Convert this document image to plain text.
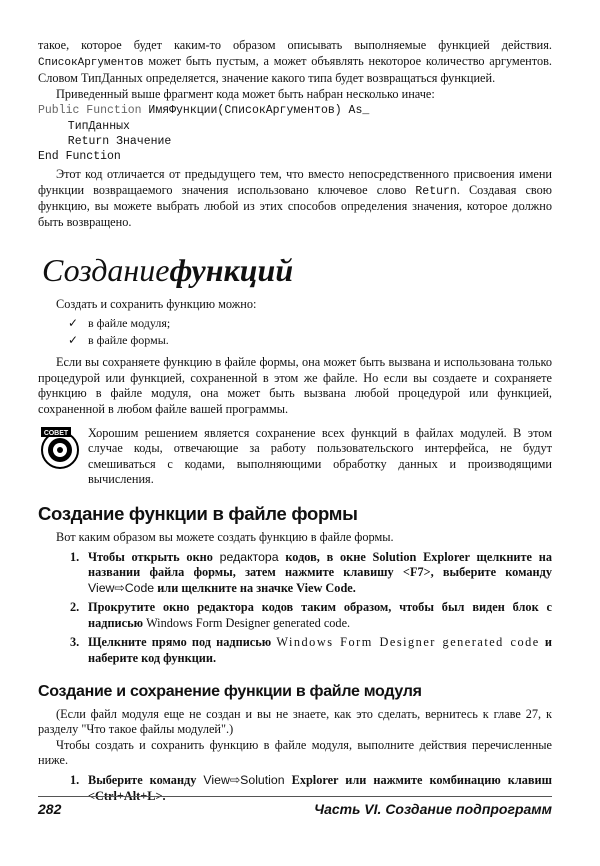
такое, которое будет каким-то образом описывать выполняемые функцией действия. СписокАргументов может быть пустым, а может объявлять некоторое количество аргументов. Словом ТипДанных определяется, значение какого типа будет возвращаться функцией.

Приведенный выше фрагмент кода может быть набран несколько иначе:

Public Function ИмяФункции(СписокАргументов) As_
ТипДанных
Return Значение
End Function

Этот код отличается от предыдущего тем, что вместо непосредственного присвоения имени функции возвращаемого значения использовано ключевое слово Return. Создавая свою функцию, вы можете выбрать любой из этих способов определения значения, которое должно быть возвращено.

Созданиефункций

Создать и сохранить функцию можно:

✓ в файле модуля;
✓ в файле формы.

Если вы сохраняете функцию в файле формы, она может быть вызвана и использована только процедурой или функцией, сохраненной в этом же файле. Но если вы создаете и сохраняете функцию в файле модуля, она может быть вызвана любой процедурой или функцией, сохраненной в любом файле вашей программы.

СОВЕТ Хорошим решением является сохранение всех функций в файлах модулей. В этом случае коды, отвечающие за работу пользовательского интерфейса, не будут смешиваться с кодами, выполняющими обработку данных и производящими вычисления.

Создание функции в файле формы

Вот каким образом вы можете создать функцию в файле формы.

1. Чтобы открыть окно редактора кодов, в окне Solution Explorer щелкните на названии файла формы, затем нажмите клавишу <F7>, выберите команду View⇨Code или щелкните на значке View Code.
2. Прокрутите окно редактора кодов таким образом, чтобы был виден блок с надписью Windows Form Designer generated code.
3. Щелкните прямо под надписью Windows Form Designer generated code и наберите код функции.
Создание и сохранение функции в файле модуля

(Если файл модуля еще не создан и вы не знаете, как это сделать, вернитесь к главе 27, к разделу "Что такое файлы модулей".)

Чтобы создать и сохранить функцию в файле модуля, выполните действия перечисленные ниже.

1. Выберите команду View⇨Solution Explorer или нажмите комбинацию клавиш <Ctrl+Alt+L>.
282	Часть VI. Создание подпрограмм
